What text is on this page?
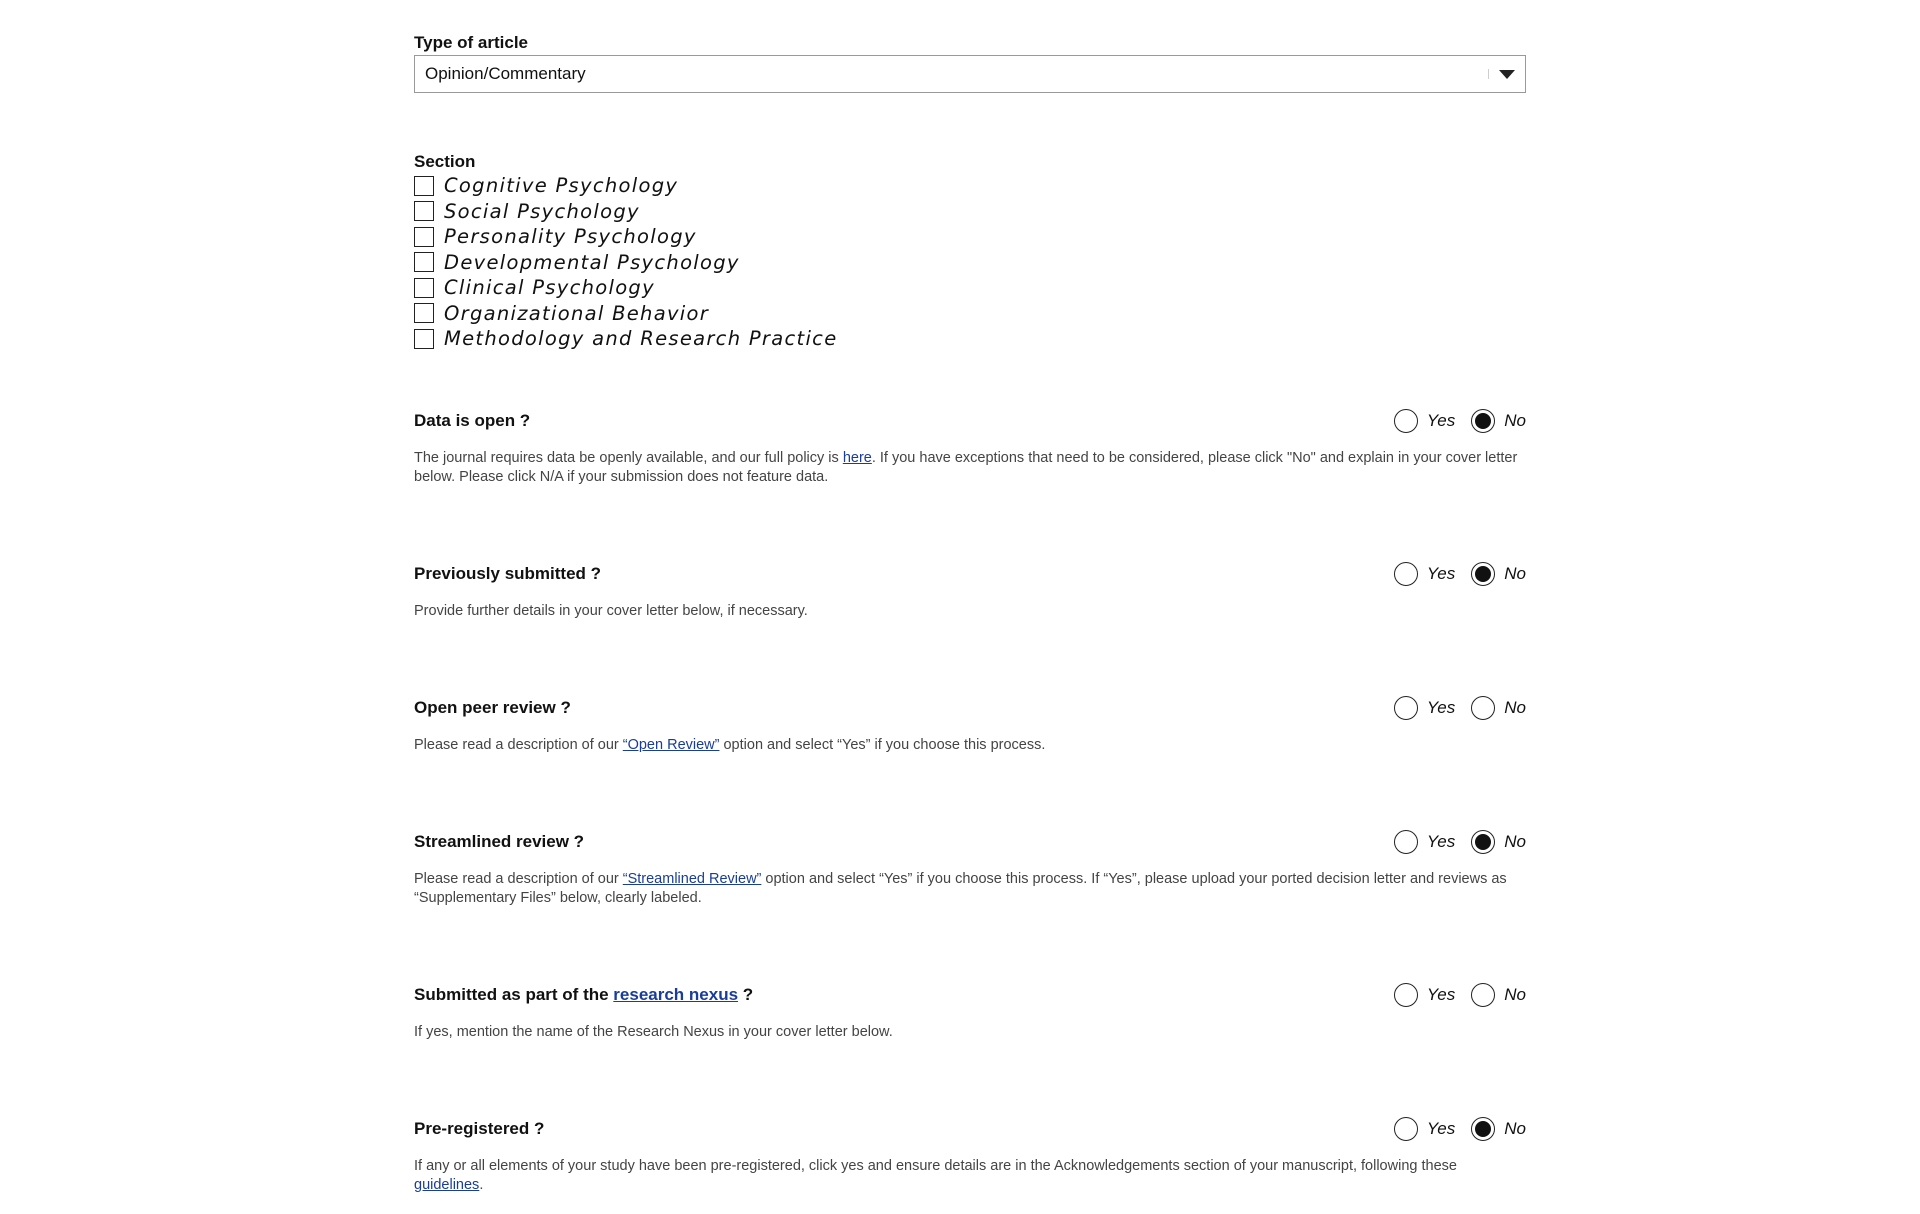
Type of article
Opinion/Commentary
Section
Cognitive Psychology
Social Psychology
Personality Psychology
Developmental Psychology
Clinical Psychology
Organizational Behavior
Methodology and Research Practice
Data is open ?	Yes	No
The journal requires data be openly available, and our full policy is here. If you have exceptions that need to be considered, please click "No" and explain in your cover letter below. Please click N/A if your submission does not feature data.
Previously submitted ?	Yes	No
Provide further details in your cover letter below, if necessary.
Open peer review ?	Yes	No
Please read a description of our “Open Review” option and select “Yes” if you choose this process.
Streamlined review ?	Yes	No
Please read a description of our “Streamlined Review” option and select “Yes” if you choose this process. If “Yes”, please upload your ported decision letter and reviews as “Supplementary Files” below, clearly labeled.
Submitted as part of the research nexus ?	Yes	No
If yes, mention the name of the Research Nexus in your cover letter below.
Pre-registered ?	Yes	No
If any or all elements of your study have been pre-registered, click yes and ensure details are in the Acknowledgements section of your manuscript, following these guidelines.
